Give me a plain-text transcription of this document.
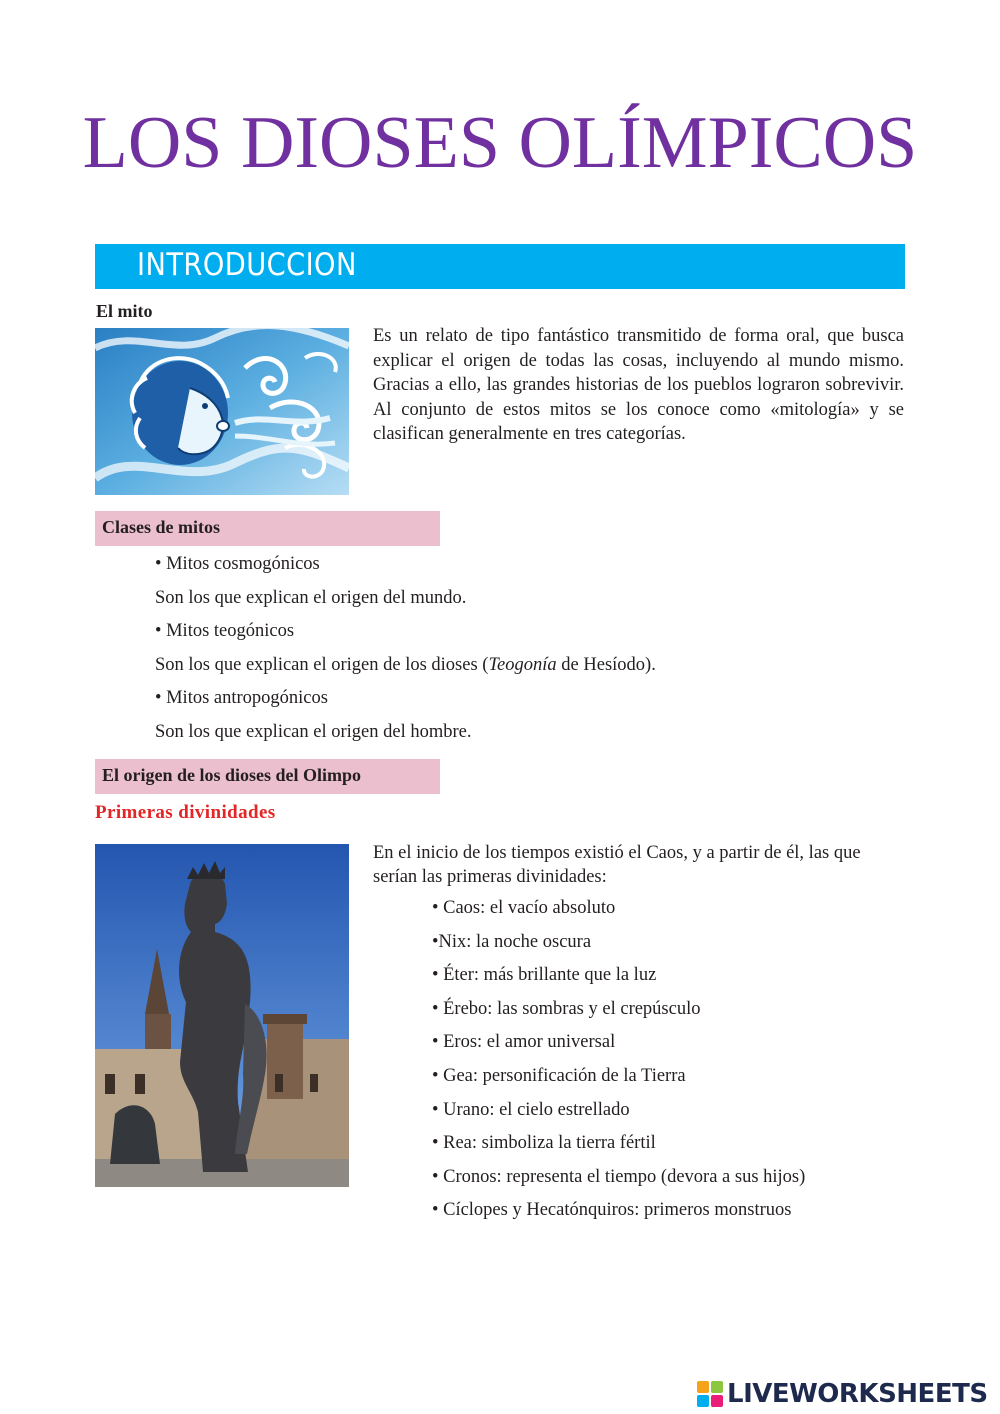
LOS DIOSES OLÍMPICOS
INTRODUCCION
El mito
Es un relato de tipo fantástico transmitido de forma oral, que busca explicar el origen de todas las cosas, incluyendo al mundo mismo. Gracias a ello, las grandes historias de los pueblos lograron sobrevivir. Al conjunto de estos mitos se los conoce como «mitología» y se clasifican generalmente en tres categorías.
Clases de mitos
• Mitos cosmogónicos
Son los que explican el origen del mundo.
• Mitos teogónicos
Son los que explican el origen de los dioses (Teogonía de Hesíodo).
• Mitos antropogónicos
Son los que explican el origen del hombre.
El origen de los dioses del Olimpo
Primeras divinidades
En el inicio de los tiempos existió el Caos, y a partir de él, las que serían las primeras divinidades:
• Caos: el vacío absoluto
•Nix: la noche oscura
• Éter: más brillante que la luz
• Érebo: las sombras y el crepúsculo
• Eros: el amor universal
• Gea: personificación de la Tierra
• Urano: el cielo estrellado
• Rea: simboliza la tierra fértil
• Cronos: representa el tiempo (devora a sus hijos)
• Cíclopes y Hecatónquiros: primeros monstruos
LIVEWORKSHEETS
